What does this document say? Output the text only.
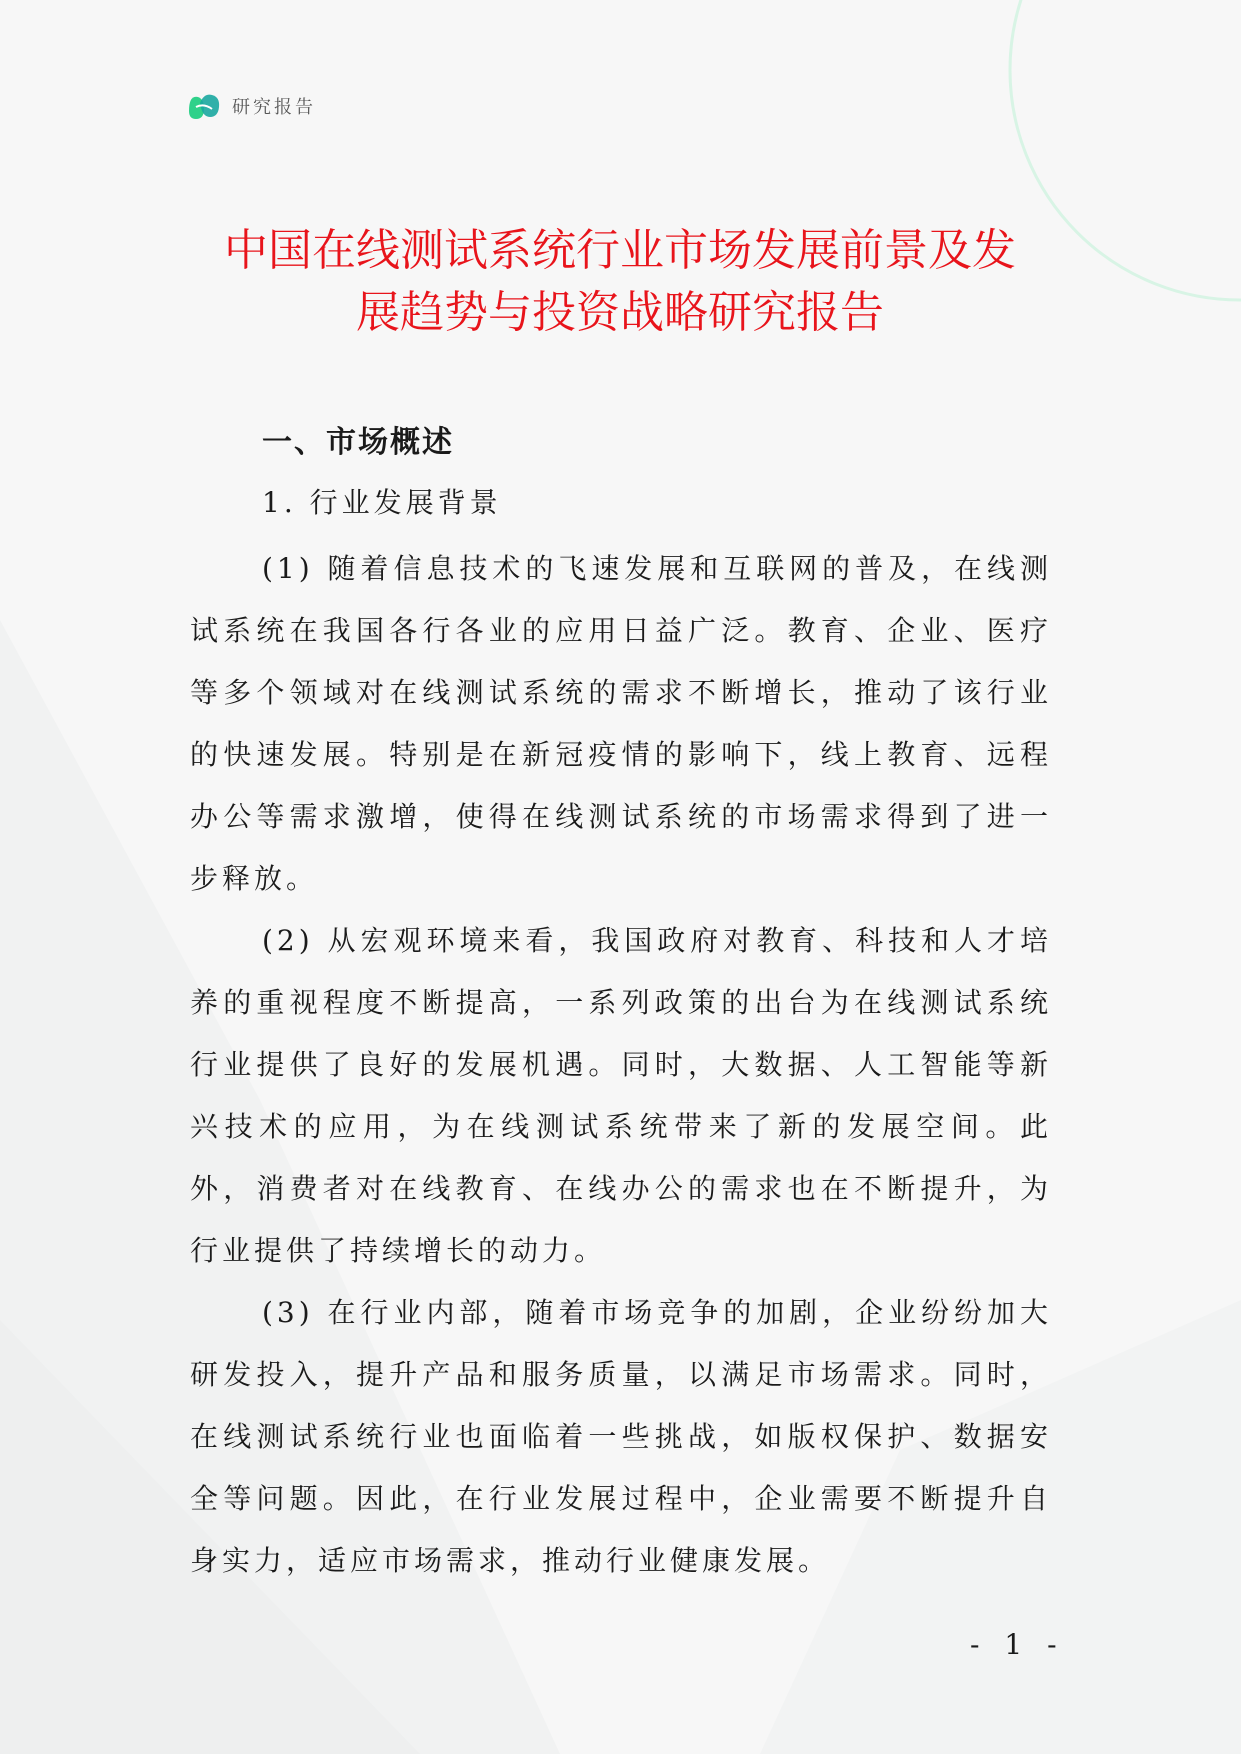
研究报告
中国在线测试系统行业市场发展前景及发
展趋势与投资战略研究报告
一、市场概述
1. 行业发展背景

(1) 随着信息技术的飞速发展和互联网的普及，在线测试系统在我国各行各业的应用日益广泛。教育、企业、医疗等多个领域对在线测试系统的需求不断增长，推动了该行业的快速发展。特别是在新冠疫情的影响下，线上教育、远程办公等需求激增，使得在线测试系统的市场需求得到了进一步释放。

(2) 从宏观环境来看，我国政府对教育、科技和人才培养的重视程度不断提高，一系列政策的出台为在线测试系统行业提供了良好的发展机遇。同时，大数据、人工智能等新兴技术的应用，为在线测试系统带来了新的发展空间。此外，消费者对在线教育、在线办公的需求也在不断提升，为行业提供了持续增长的动力。

(3) 在行业内部，随着市场竞争的加剧，企业纷纷加大研发投入，提升产品和服务质量，以满足市场需求。同时，在线测试系统行业也面临着一些挑战，如版权保护、数据安全等问题。因此，在行业发展过程中，企业需要不断提升自身实力，适应市场需求，推动行业健康发展。

- 1 -
